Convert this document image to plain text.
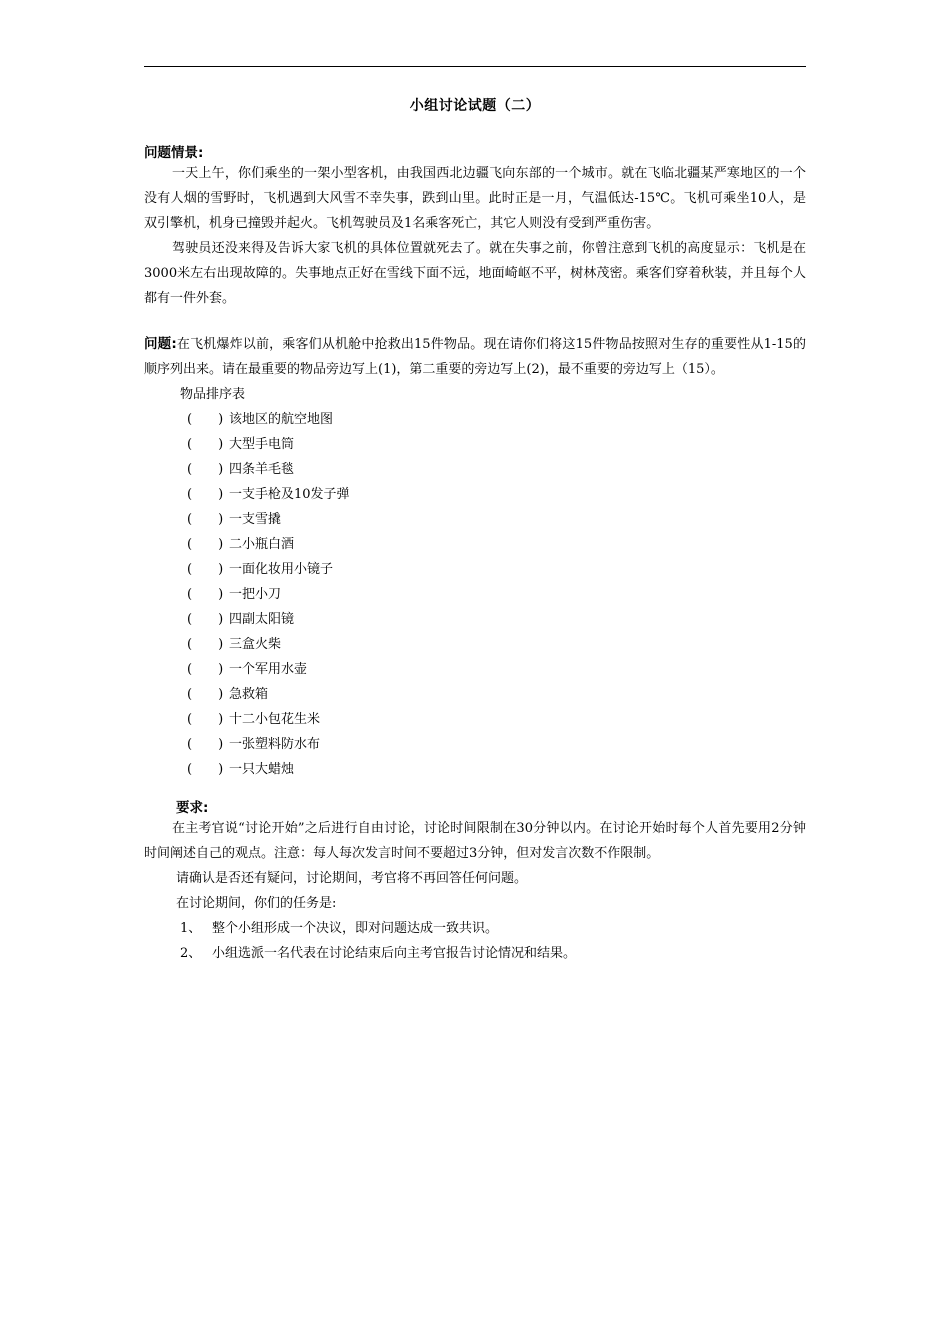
小组讨论试题（二）
问题情景:

一天上午，你们乘坐的一架小型客机，由我国西北边疆飞向东部的一个城市。就在飞临北疆某严寒地区的一个没有人烟的雪野时，飞机遇到大风雪不幸失事，跌到山里。此时正是一月，气温低达-15℃。飞机可乘坐10人，是双引擎机，机身已撞毁并起火。飞机驾驶员及1名乘客死亡，其它人则没有受到严重伤害。

驾驶员还没来得及告诉大家飞机的具体位置就死去了。就在失事之前，你曾注意到飞机的高度显示：飞机是在3000米左右出现故障的。失事地点正好在雪线下面不远，地面崎岖不平，树林茂密。乘客们穿着秋装，并且每个人都有一件外套。

问题:在飞机爆炸以前，乘客们从机舱中抢救出15件物品。现在请你们将这15件物品按照对生存的重要性从1-15的顺序列出来。请在最重要的物品旁边写上(1)，第二重要的旁边写上(2)，最不重要的旁边写上（15）。

物品排序表
(　　) 该地区的航空地图
(　　) 大型手电筒
(　　) 四条羊毛毯
(　　) 一支手枪及10发子弹
(　　) 一支雪撬
(　　) 二小瓶白酒
(　　) 一面化妆用小镜子
(　　) 一把小刀
(　　) 四副太阳镜
(　　) 三盒火柴
(　　) 一个军用水壶
(　　) 急救箱
(　　) 十二小包花生米
(　　) 一张塑料防水布
(　　) 一只大蜡烛
要求:

在主考官说“讨论开始”之后进行自由讨论，讨论时间限制在30分钟以内。在讨论开始时每个人首先要用2分钟时间阐述自己的观点。注意：每人每次发言时间不要超过3分钟，但对发言次数不作限制。

请确认是否还有疑问，讨论期间，考官将不再回答任何问题。

在讨论期间，你们的任务是:

1、 整个小组形成一个决议，即对问题达成一致共识。
2、 小组选派一名代表在讨论结束后向主考官报告讨论情况和结果。
